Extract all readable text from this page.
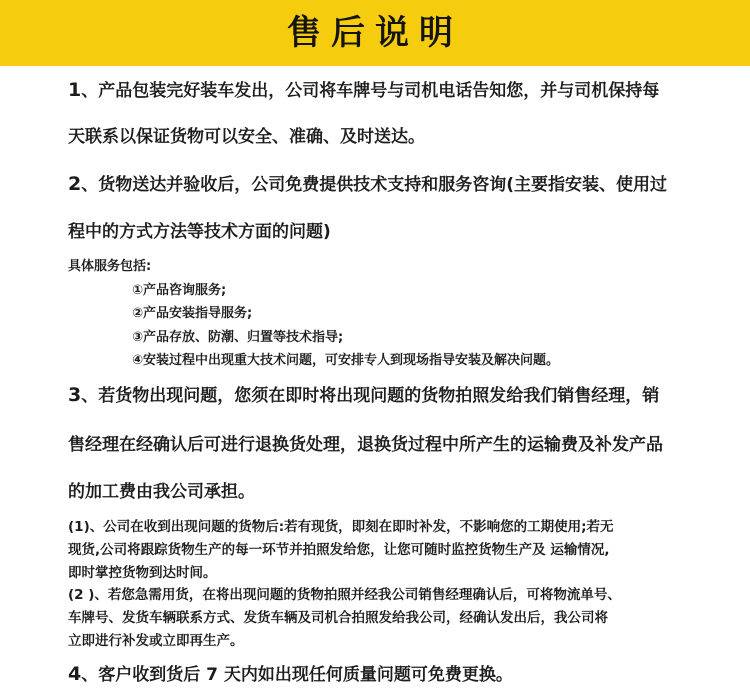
售后说明
1、产品包装完好装车发出，公司将车牌号与司机电话告知您，并与司机保持每
天联系以保证货物可以安全、准确、及时送达。
2、货物送达并验收后，公司免费提供技术支持和服务咨询(主要指安装、使用过
程中的方式方法等技术方面的问题)
具体服务包括:
①产品咨询服务;
②产品安装指导服务;
③产品存放、防潮、归置等技术指导;
④安装过程中出现重大技术问题，可安排专人到现场指导安装及解决问题。
3、若货物出现问题，您须在即时将出现问题的货物拍照发给我们销售经理，销
售经理在经确认后可进行退换货处理，退换货过程中所产生的运输费及补发产品
的加工费由我公司承担。
(1)、公司在收到出现问题的货物后:若有现货，即刻在即时补发，不影响您的工期使用;若无
现货,公司将跟踪货物生产的每一环节并拍照发给您，让您可随时监控货物生产及 运输情况,
即时掌控货物到达时间。
(2 )、若您急需用货，在将出现问题的货物拍照并经我公司销售经理确认后，可将物流单号、
车牌号、发货车辆联系方式、发货车辆及司机合拍照发给我公司，经确认发出后，我公司将
立即进行补发或立即再生产。
4、客户收到货后 7 天内如出现任何质量问题可免费更换。
